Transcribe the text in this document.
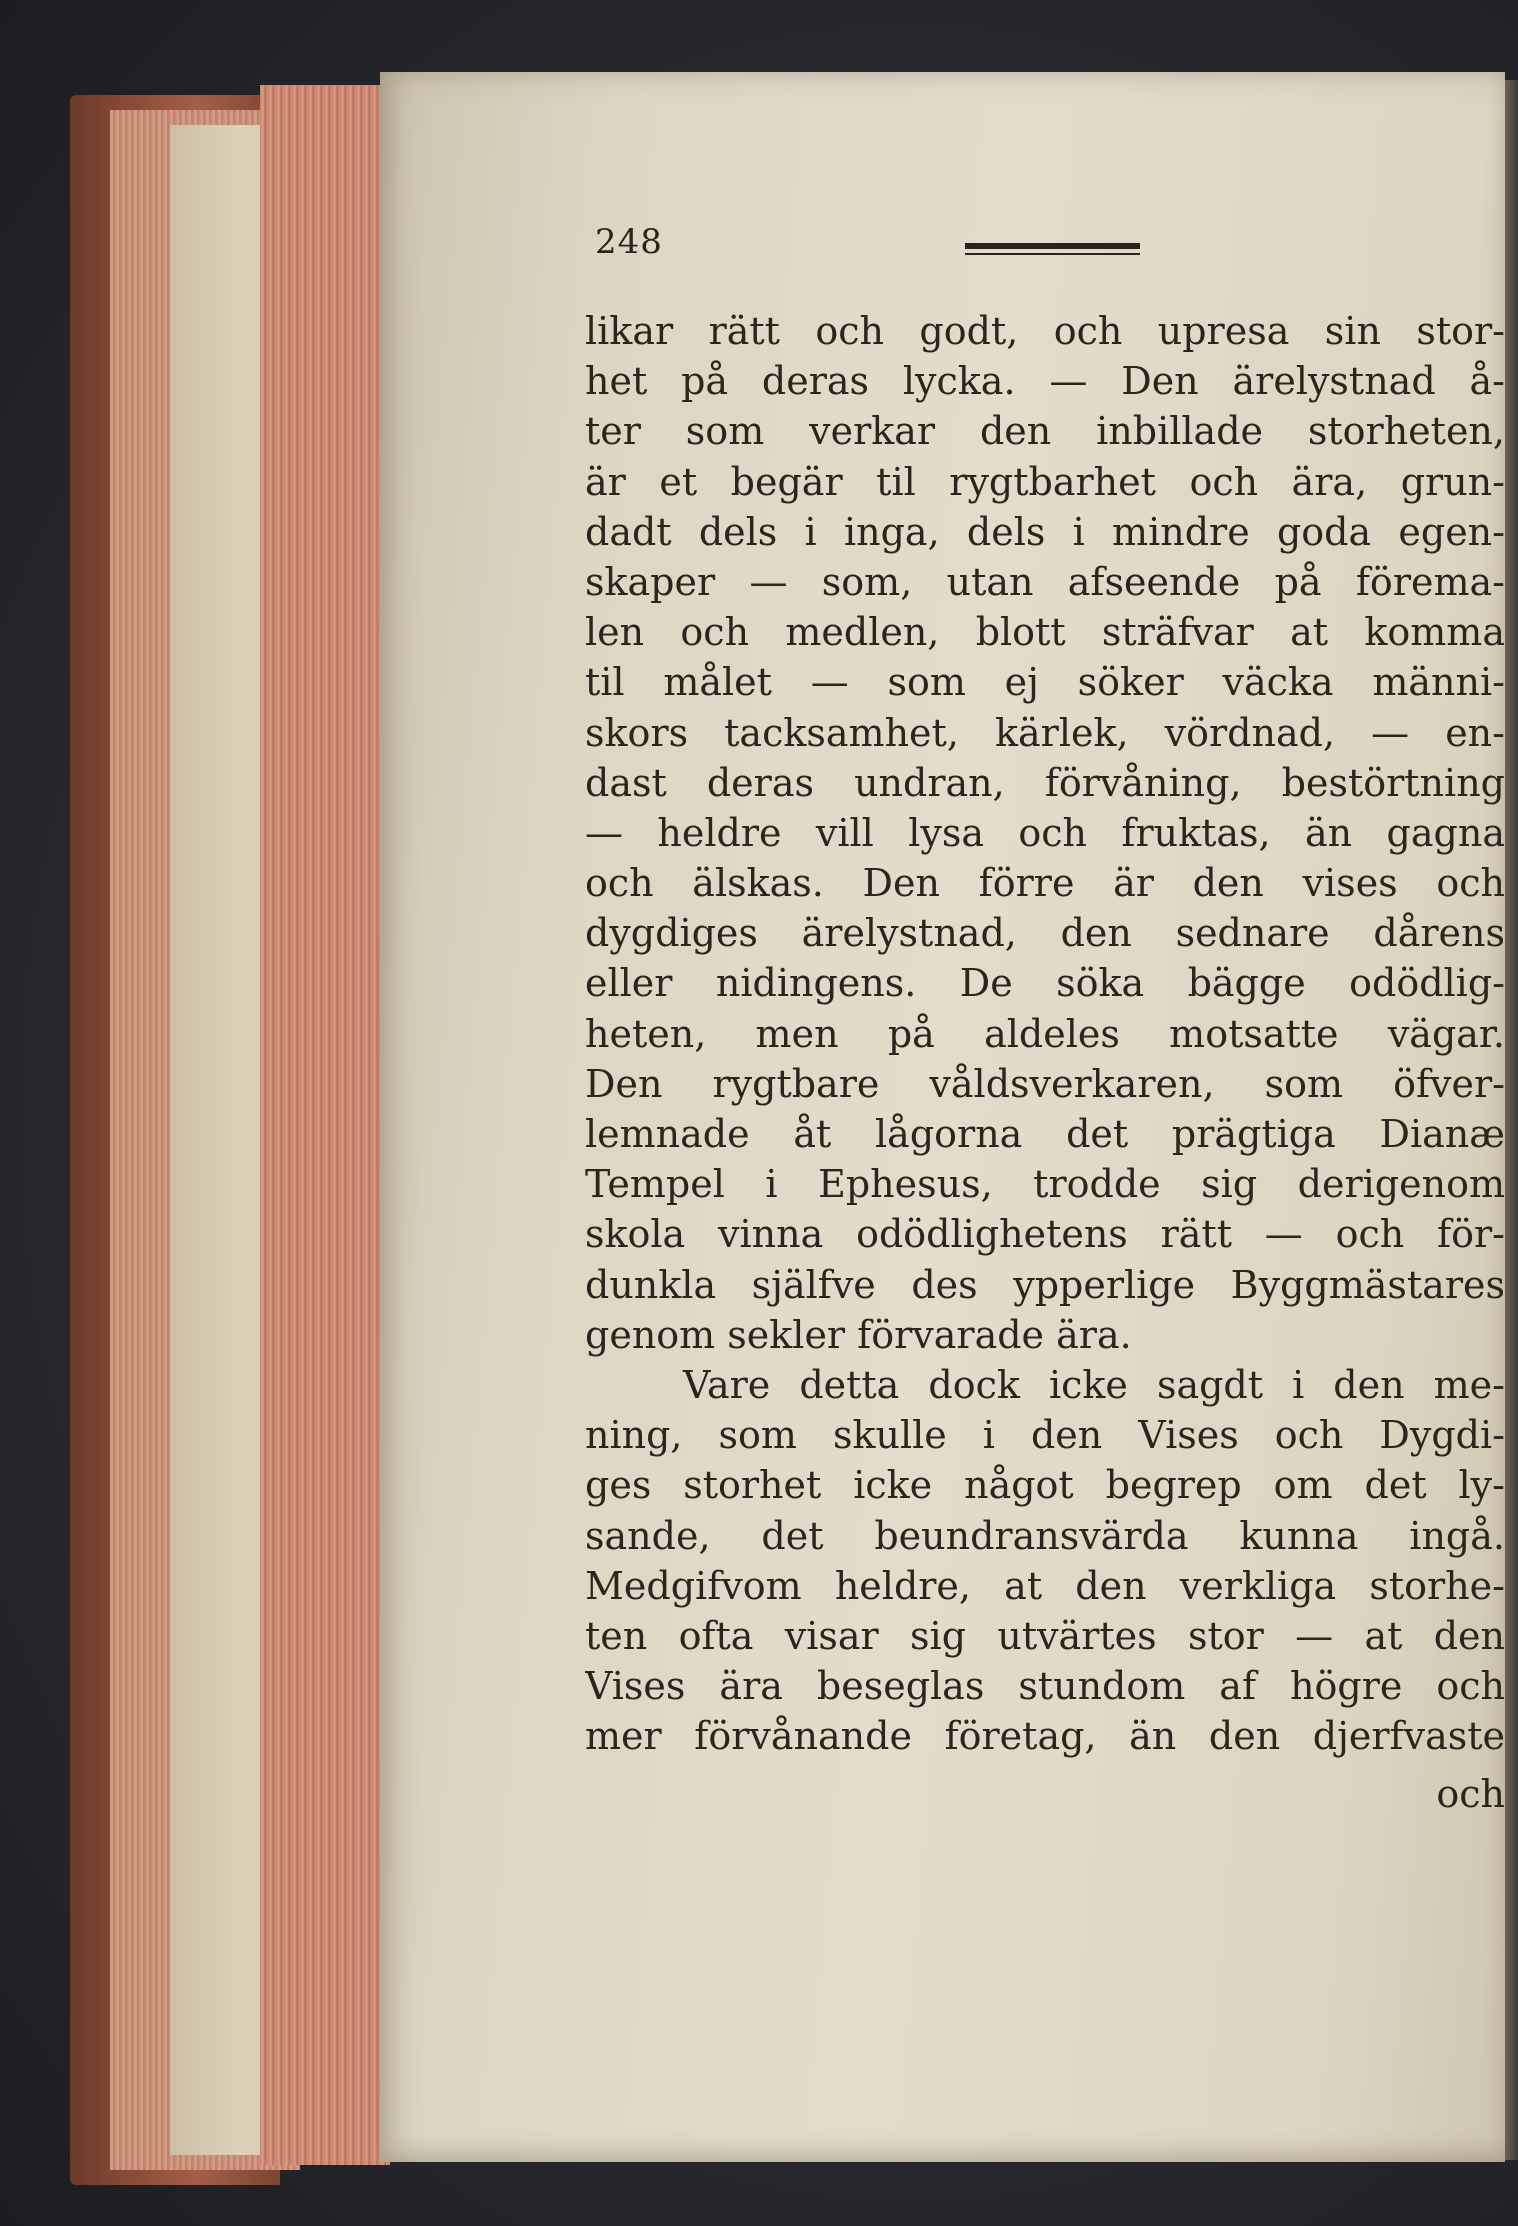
248
likar rätt och godt, och upresa sin stor-
het på deras lycka. — Den ärelystnad å-
ter som verkar den inbillade storheten,
är et begär til rygtbarhet och ära, grun-
dadt dels i inga, dels i mindre goda egen-
skaper — som, utan afseende på förema-
len och medlen, blott sträfvar at komma
til målet — som ej söker väcka männi-
skors tacksamhet, kärlek, vördnad, — en-
dast deras undran, förvåning, bestörtning
— heldre vill lysa och fruktas, än gagna
och älskas. Den förre är den vises och
dygdiges ärelystnad, den sednare dårens
eller nidingens. De söka bägge odödlig-
heten, men på aldeles motsatte vägar.
Den rygtbare våldsverkaren, som öfver-
lemnade åt lågorna det prägtiga Dianæ
Tempel i Ephesus, trodde sig derigenom
skola vinna odödlighetens rätt — och för-
dunkla själfve des ypperlige Byggmästares
genom sekler förvarade ära.
Vare detta dock icke sagdt i den me-
ning, som skulle i den Vises och Dygdi-
ges storhet icke något begrep om det ly-
sande, det beundransvärda kunna ingå.
Medgifvom heldre, at den verkliga storhe-
ten ofta visar sig utvärtes stor — at den
Vises ära beseglas stundom af högre och
mer förvånande företag, än den djerfvaste
och
